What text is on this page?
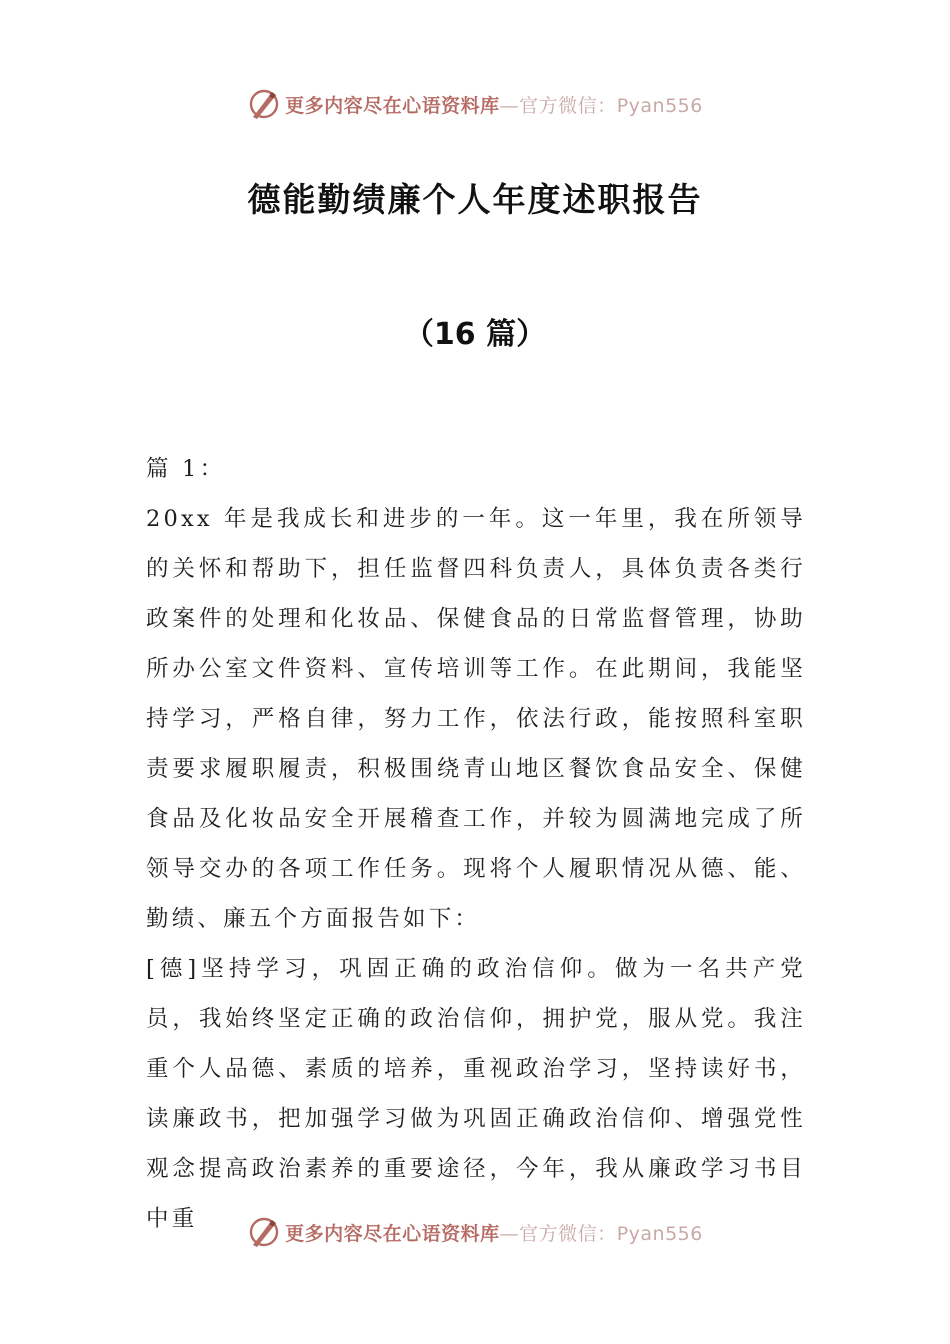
更多内容尽在心语资料库—官方微信：Pyan556
德能勤绩廉个人年度述职报告
（16 篇）

篇 1：

20xx 年是我成长和进步的一年。这一年里，我在所领导的关怀和帮助下，担任监督四科负责人，具体负责各类行政案件的处理和化妆品、保健食品的日常监督管理，协助所办公室文件资料、宣传培训等工作。在此期间，我能坚持学习，严格自律，努力工作，依法行政，能按照科室职责要求履职履责，积极围绕青山地区餐饮食品安全、保健食品及化妆品安全开展稽查工作，并较为圆满地完成了所领导交办的各项工作任务。现将个人履职情况从德、能、勤绩、廉五个方面报告如下：

[德]坚持学习，巩固正确的政治信仰。做为一名共产党员，我始终坚定正确的政治信仰，拥护党，服从党。我注重个人品德、素质的培养，重视政治学习，坚持读好书，读廉政书，把加强学习做为巩固正确政治信仰、增强党性观念提高政治素养的重要途径，今年，我从廉政学习书目中重

更多内容尽在心语资料库—官方微信：Pyan556
